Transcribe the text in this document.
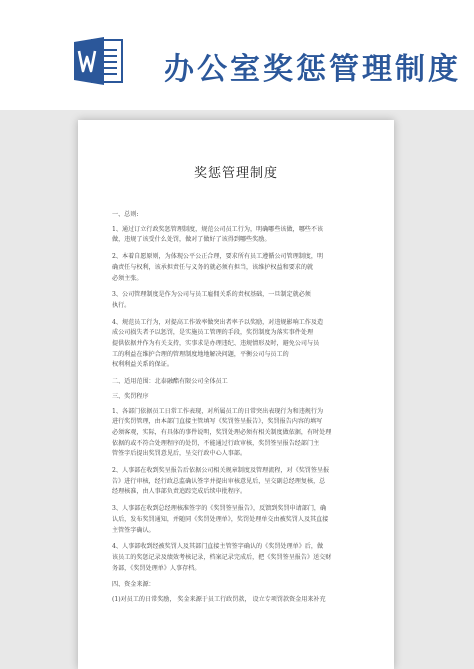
办公室奖惩管理制度
奖惩管理制度

一、总则:

1、通过订立行政奖惩管理制度，规范公司员工行为，明确哪些该做，哪些不该
做，违规了该受什么处罚，做对了做好了该得到哪些奖励。

2、本着自愿原则，为体现公平公正合理，要求所有员工遵循公司管理制度，明
确责任与权利，该承担责任与义务的就必须有担当，该维护权益和要求的就
必须主张。

3、公司管理制度是作为公司与员工雇佣关系的责权基础，一旦制定就必须
执行。

4、规范员工行为，对提高工作效率做突出者率予以奖励，对违规影响工作及造
成公司损失者予以惩罚，是实施员工管理的手段，奖罚制度为落实事件处理
提供依据并作为有关支持，实事求是办理违纪、违规情形及时，避免公司与员
工的利益在维护合理的管理制度地地解决问题，平衡公司与员工的
权利利益关系的保证。

二、适用范围：北泰融酯有限公司全体员工

三、奖罚程序

1、各部门依据员工日常工作表现，对所属员工的日常突出表现行为和违规行为
进行奖罚管理，由本部门直接主管填写《奖罚签呈报告》，奖罚报告内容的填写
必须客观，实际，有具体的事件说明，奖罚处理必须有相关制度做依据，有时处理
依据的或不符合处理程序的处罚，不能通过行政审核，奖罚签呈报告经部门主
管签字后提出奖罚意见后，呈交行政中心人事部。

2、人事部在收到奖呈报告后依据公司相关规章制度及管理流程，对《奖罚签呈报
告》进行审核，经行政总监确认签字并提出审核意见后，呈交副总经理复核，总
经理核准，由人事部负责追踪完成后续申批程序。

3、人事部在收到总经理核准签字的《奖罚签呈报告》，反馈到奖罚申请部门，确
认后，发布奖罚通知，并随同《奖罚处理单》，奖罚处理单交由被奖罚人及其直接
主管签字确认。

4、人事部收到经被奖罚人及其部门直接主管签字确认的《奖罚处理单》后，做
该员工的奖惩记录及绩效考核记录，档案记录完成后，把《奖罚签呈报告》送交财
务部，《奖罚处理单》人事存档。

四、资金来源：

(1)对员工的日常奖励， 奖金来源于员工行政罚款， 设立专项罚款资金用来补充
